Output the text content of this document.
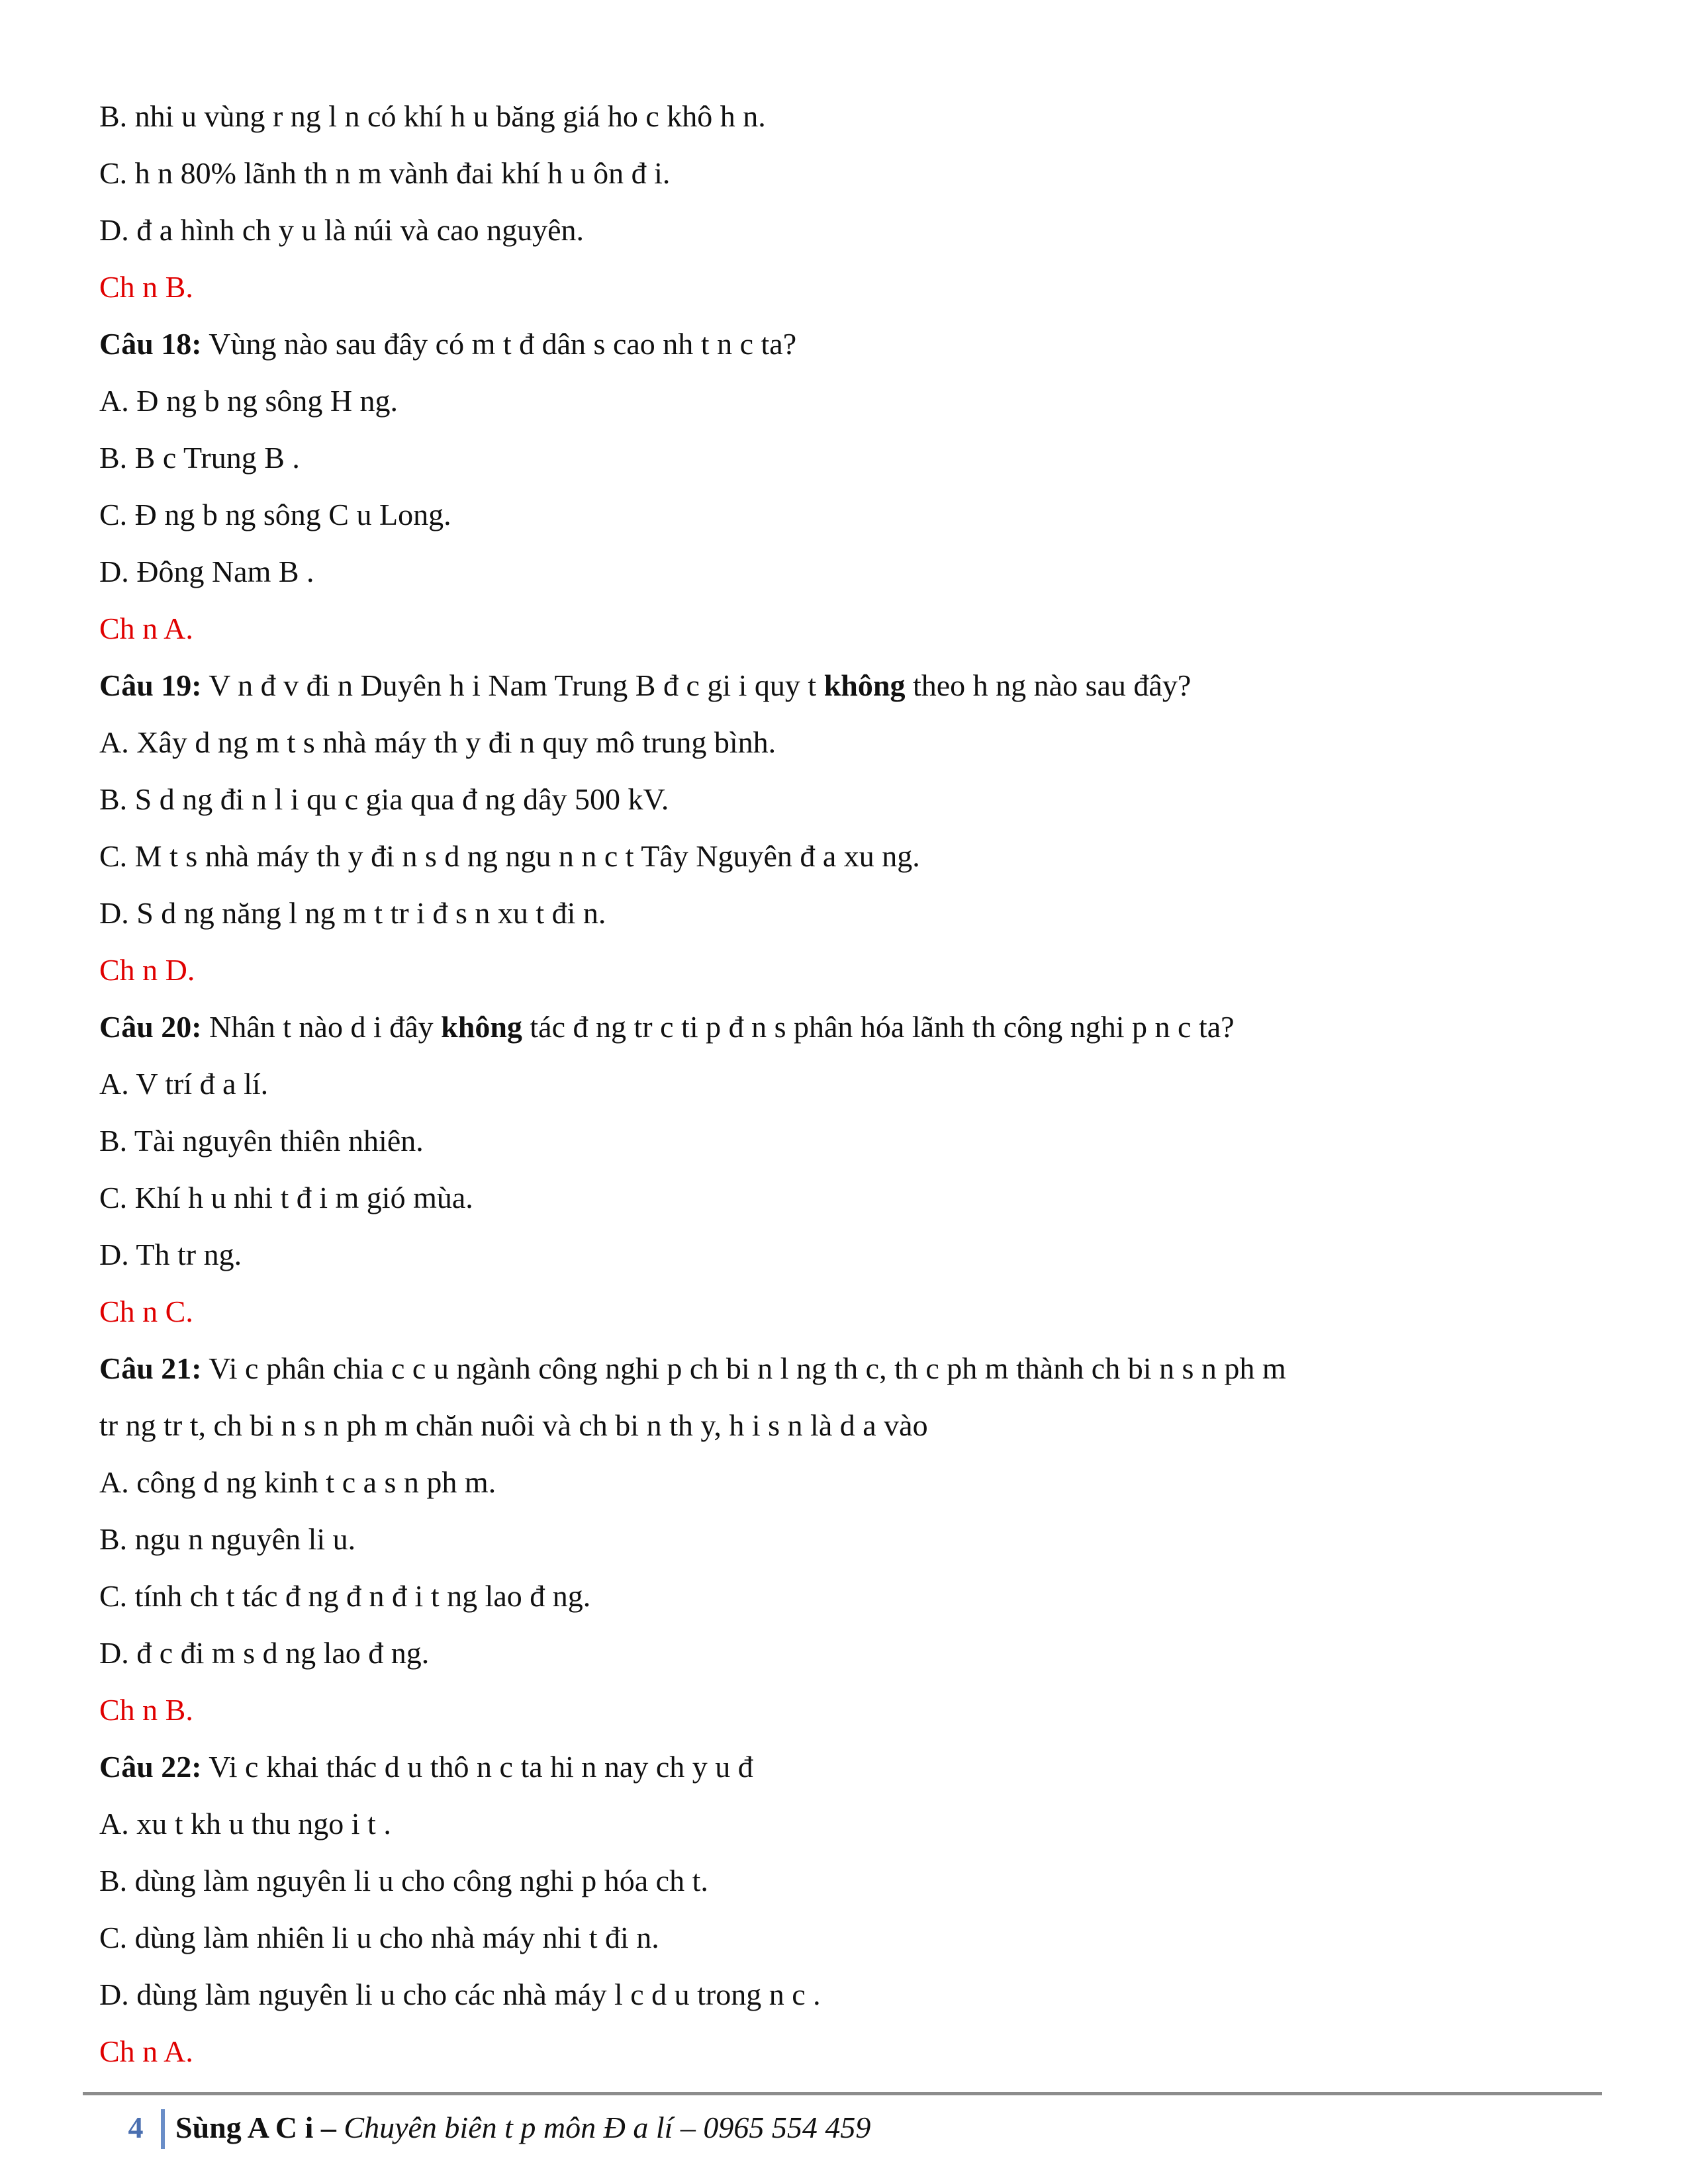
B. nhi u vùng r ng l n có khí h u băng giá ho c khô h n.
C. h n 80% lãnh th n m vành đai khí h u ôn đ i.
D. đ a hình ch y u là núi và cao nguyên.
Ch n B.
Câu 18: Vùng nào sau đây có m t đ dân s cao nh t n c ta?
A. Đ ng b ng sông H ng.
B. B c Trung B .
C. Đ ng b ng sông C u Long.
D. Đông Nam B .
Ch n A.
Câu 19: V n đ v đi n Duyên h i Nam Trung B đ c gi i quy t không theo h ng nào sau đây?
A. Xây d ng m t s nhà máy th y đi n quy mô trung bình.
B. S d ng đi n l i qu c gia qua đ ng dây 500 kV.
C. M t s nhà máy th y đi n s d ng ngu n n c t Tây Nguyên đ a xu ng.
D. S d ng năng l ng m t tr i đ s n xu t đi n.
Ch n D.
Câu 20: Nhân t nào d i đây không tác đ ng tr c ti p đ n s phân hóa lãnh th công nghi p n c ta?
A. V trí đ a lí.
B. Tài nguyên thiên nhiên.
C. Khí h u nhi t đ i m gió mùa.
D. Th tr ng.
Ch n C.
Câu 21: Vi c phân chia c c u ngành công nghi p ch bi n l ng th c, th c ph m thành ch bi n s n ph m
tr ng tr t, ch bi n s n ph m chăn nuôi và ch bi n th y, h i s n là d a vào
A. công d ng kinh t c a s n ph m.
B. ngu n nguyên li u.
C. tính ch t tác đ ng đ n đ i t ng lao đ ng.
D. đ c đi m s d ng lao đ ng.
Ch n B.
Câu 22: Vi c khai thác d u thô n c ta hi n nay ch y u đ
A. xu t kh u thu ngo i t .
B. dùng làm nguyên li u cho công nghi p hóa ch t.
C. dùng làm nhiên li u cho nhà máy nhi t đi n.
D. dùng làm nguyên li u cho các nhà máy l c d u trong n c .
Ch n A.
4 Sùng A C i – Chuyên biên t p môn Đ a lí – 0965 554 459
